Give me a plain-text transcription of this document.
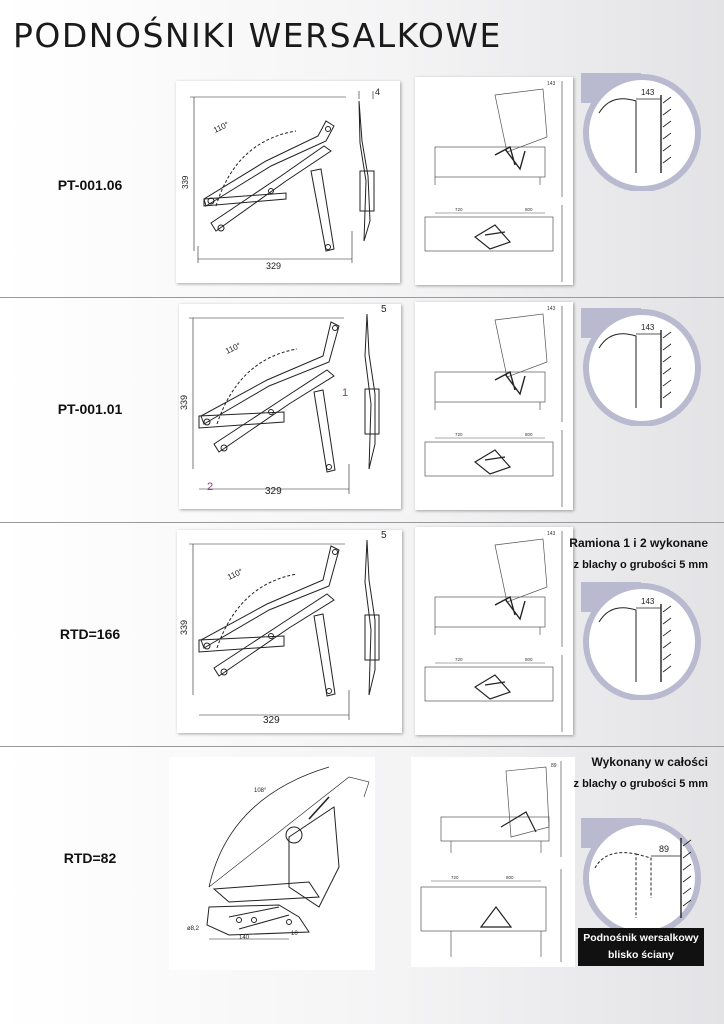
PODNOŚNIKI WERSALKOWE
PT-001.06
PT-001.01
RTD=166
RTD=82
110°
339
329
4
143
720	800
143
110°
339
329
5
1
2
143
720	800
143
110°
339
329
5	143
720	800
Ramiona 1 i 2 wykonane
z blachy o grubości 5 mm
143
108°
140
10
ø8,2
89
720	800
Wykonany w całości
z blachy o grubości 5 mm
89
Podnośnik wersalkowy
blisko ściany
